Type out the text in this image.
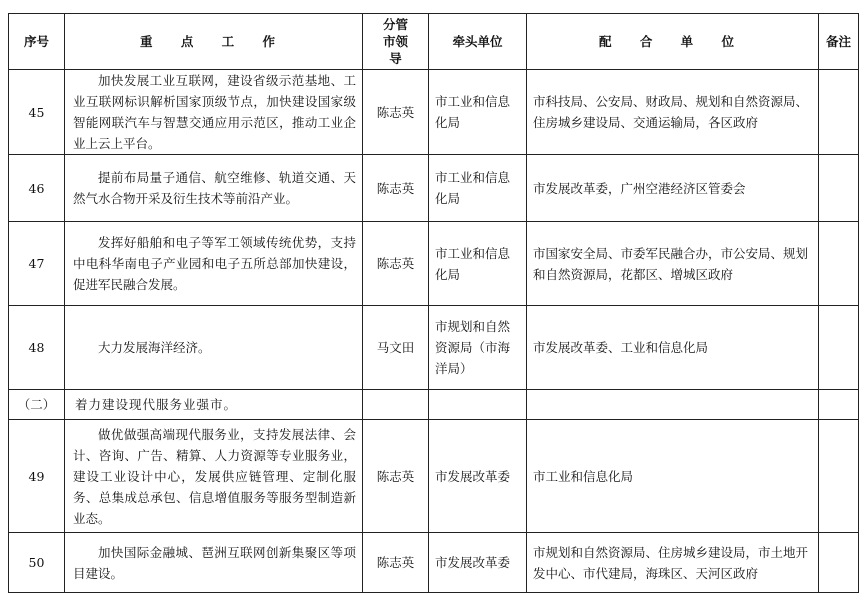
序号	重 点 工 作	分管市领导	牵头单位	配 合 单 位	备注
45	加快发展工业互联网，建设省级示范基地、工业互联网标识解析国家顶级节点，加快建设国家级智能网联汽车与智慧交通应用示范区，推动工业企业上云上平台。	陈志英	市工业和信息化局	市科技局、公安局、财政局、规划和自然资源局、住房城乡建设局、交通运输局，各区政府	
46	提前布局量子通信、航空维修、轨道交通、天然气水合物开采及衍生技术等前沿产业。	陈志英	市工业和信息化局	市发展改革委，广州空港经济区管委会	
47	发挥好船舶和电子等军工领域传统优势，支持中电科华南电子产业园和电子五所总部加快建设，促进军民融合发展。	陈志英	市工业和信息化局	市国家安全局、市委军民融合办，市公安局、规划和自然资源局，花都区、增城区政府	
48	大力发展海洋经济。	马文田	市规划和自然资源局（市海洋局）	市发展改革委、工业和信息化局	
（二）	着力建设现代服务业强市。				
49	做优做强高端现代服务业，支持发展法律、会计、咨询、广告、精算、人力资源等专业服务业，建设工业设计中心，发展供应链管理、定制化服务、总集成总承包、信息增值服务等服务型制造新业态。	陈志英	市发展改革委	市工业和信息化局	
50	加快国际金融城、琶洲互联网创新集聚区等项目建设。	陈志英	市发展改革委	市规划和自然资源局、住房城乡建设局，市土地开发中心、市代建局，海珠区、天河区政府	
